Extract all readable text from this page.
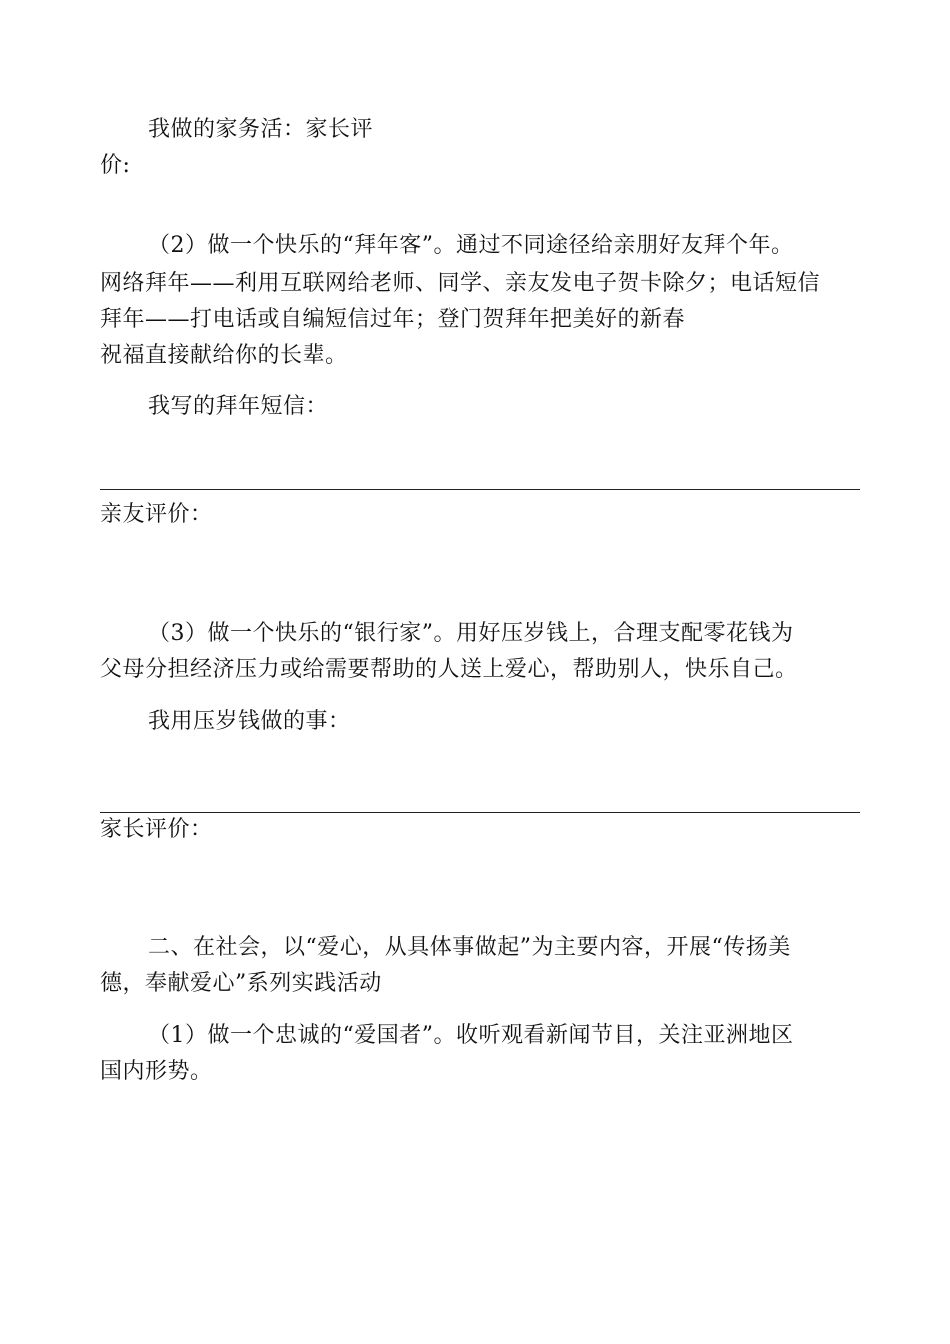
我做的家务活：家长评
价:
（2）做一个快乐的“拜年客”。通过不同途径给亲朋好友拜个年。
网络拜年——利用互联网给老师、同学、亲友发电子贺卡除夕；电话短信
拜年——打电话或自编短信过年；登门贺拜年把美好的新春
祝福直接献给你的长辈。
我写的拜年短信：
亲友评价：
（3）做一个快乐的“银行家”。用好压岁钱上，合理支配零花钱为
父母分担经济压力或给需要帮助的人送上爱心，帮助别人，快乐自己。
我用压岁钱做的事：
家长评价：
二、在社会，以“爱心，从具体事做起”为主要内容，开展“传扬美
德，奉献爱心”系列实践活动
（1）做一个忠诚的“爱国者”。收听观看新闻节目，关注亚洲地区
国内形势。
